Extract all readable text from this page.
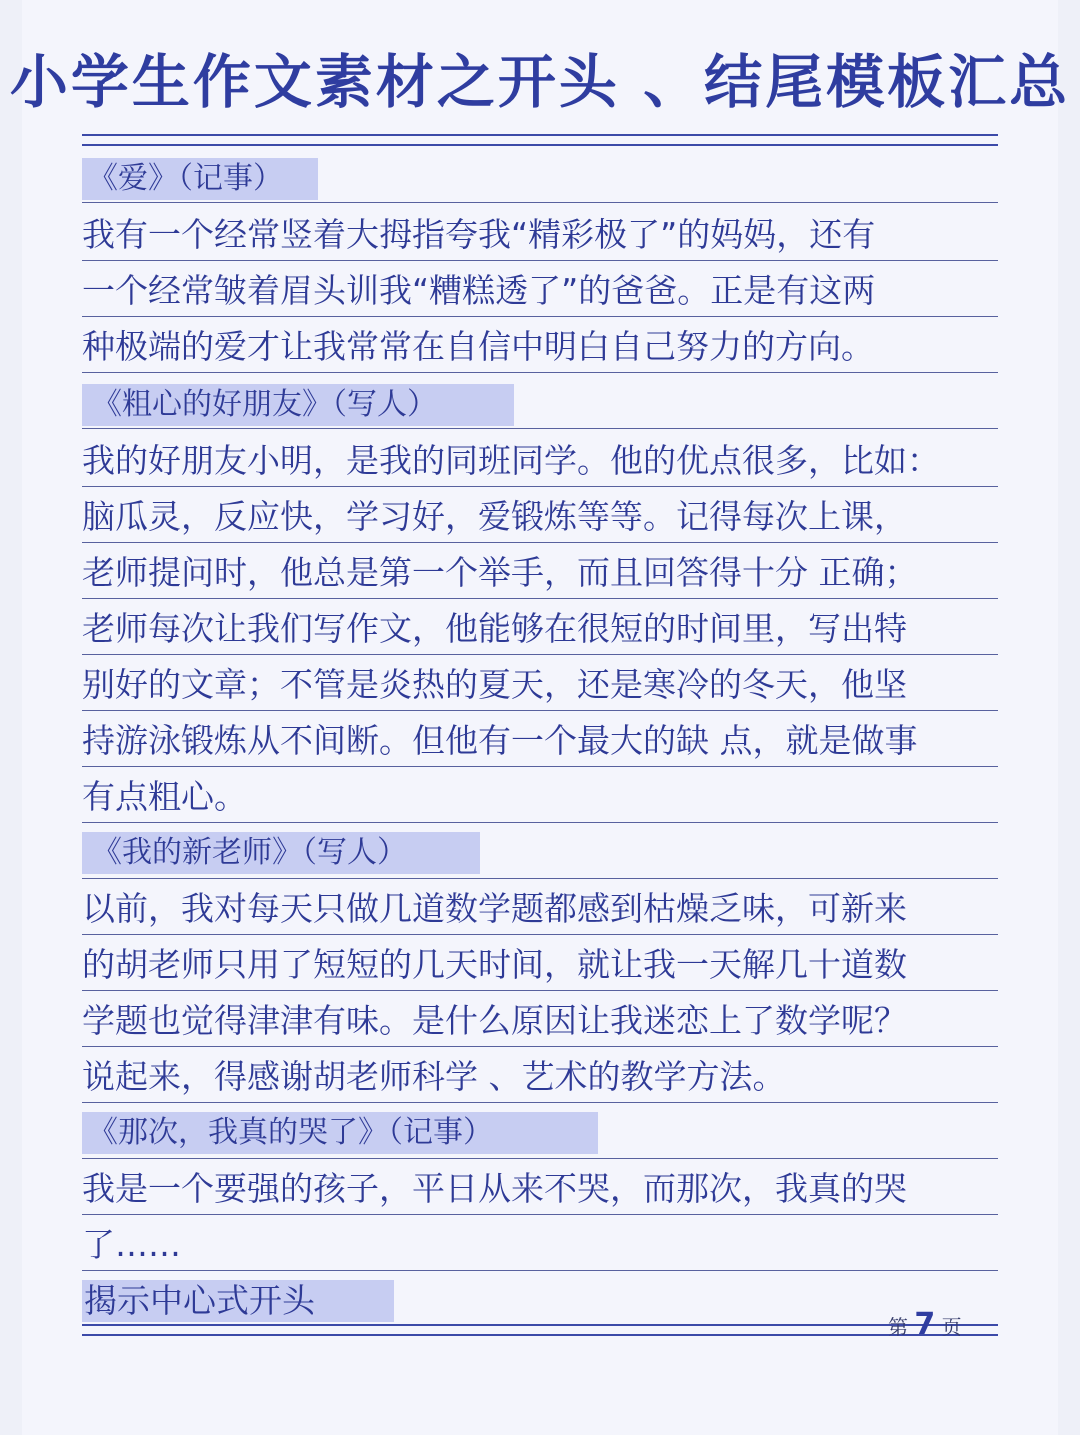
小学生作文素材之开头 、结尾模板汇总
《爱》（记事）
我有一个经常竖着大拇指夸我“精彩极了”的妈妈，还有
一个经常皱着眉头训我“糟糕透了”的爸爸。正是有这两
种极端的爱才让我常常在自信中明白自己努力的方向。
《粗心的好朋友》（写人）
我的好朋友小明，是我的同班同学。他的优点很多，比如：
脑瓜灵，反应快，学习好，爱锻炼等等。记得每次上课，
老师提问时，他总是第一个举手，而且回答得十分 正确；
老师每次让我们写作文，他能够在很短的时间里，写出特
别好的文章；不管是炎热的夏天，还是寒冷的冬天，他坚
持游泳锻炼从不间断。但他有一个最大的缺 点，就是做事
有点粗心。
《我的新老师》（写人）
以前，我对每天只做几道数学题都感到枯燥乏味，可新来
的胡老师只用了短短的几天时间，就让我一天解几十道数
学题也觉得津津有味。是什么原因让我迷恋上了数学呢？
说起来，得感谢胡老师科学 、艺术的教学方法。
《那次，我真的哭了》（记事）
我是一个要强的孩子，平日从来不哭，而那次，我真的哭
了……
揭示中心式开头
第 7 页
